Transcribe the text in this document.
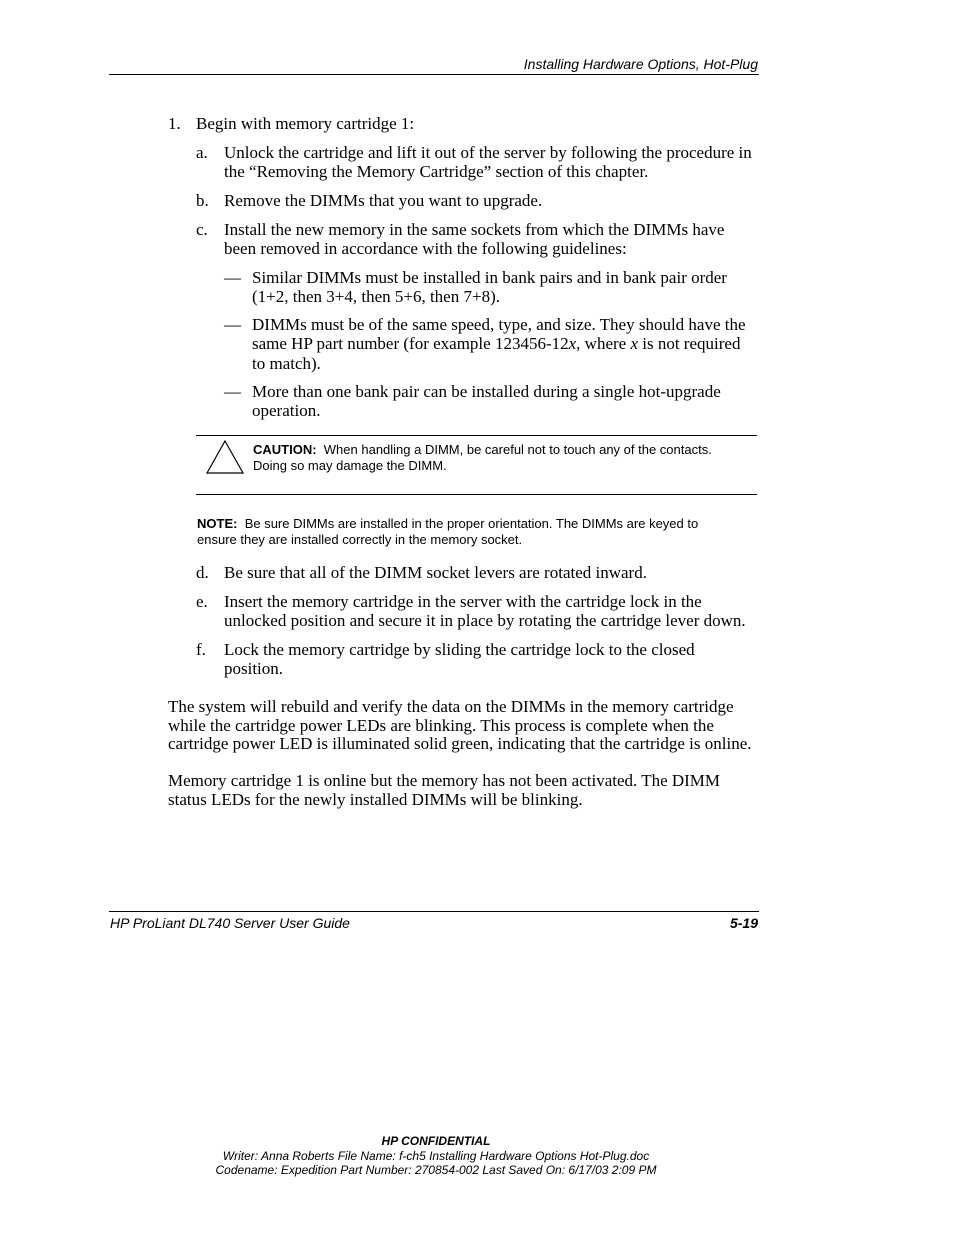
Installing Hardware Options, Hot-Plug
1. Begin with memory cartridge 1:
a. Unlock the cartridge and lift it out of the server by following the procedure in
the “Removing the Memory Cartridge” section of this chapter.
b. Remove the DIMMs that you want to upgrade.
c. Install the new memory in the same sockets from which the DIMMs have
been removed in accordance with the following guidelines:
— Similar DIMMs must be installed in bank pairs and in bank pair order
(1+2, then 3+4, then 5+6, then 7+8).
— DIMMs must be of the same speed, type, and size. They should have the
same HP part number (for example 123456-12x, where x is not required
to match).
— More than one bank pair can be installed during a single hot-upgrade
operation.
CAUTION: When handling a DIMM, be careful not to touch any of the contacts.
Doing so may damage the DIMM.
NOTE: Be sure DIMMs are installed in the proper orientation. The DIMMs are keyed to
ensure they are installed correctly in the memory socket.
d. Be sure that all of the DIMM socket levers are rotated inward.
e. Insert the memory cartridge in the server with the cartridge lock in the
unlocked position and secure it in place by rotating the cartridge lever down.
f. Lock the memory cartridge by sliding the cartridge lock to the closed
position.
The system will rebuild and verify the data on the DIMMs in the memory cartridge
while the cartridge power LEDs are blinking. This process is complete when the
cartridge power LED is illuminated solid green, indicating that the cartridge is online.
Memory cartridge 1 is online but the memory has not been activated. The DIMM
status LEDs for the newly installed DIMMs will be blinking.
HP ProLiant DL740 Server User Guide	5-19
HP CONFIDENTIAL
Writer: Anna Roberts File Name: f-ch5 Installing Hardware Options Hot-Plug.doc
Codename: Expedition Part Number: 270854-002 Last Saved On: 6/17/03 2:09 PM
